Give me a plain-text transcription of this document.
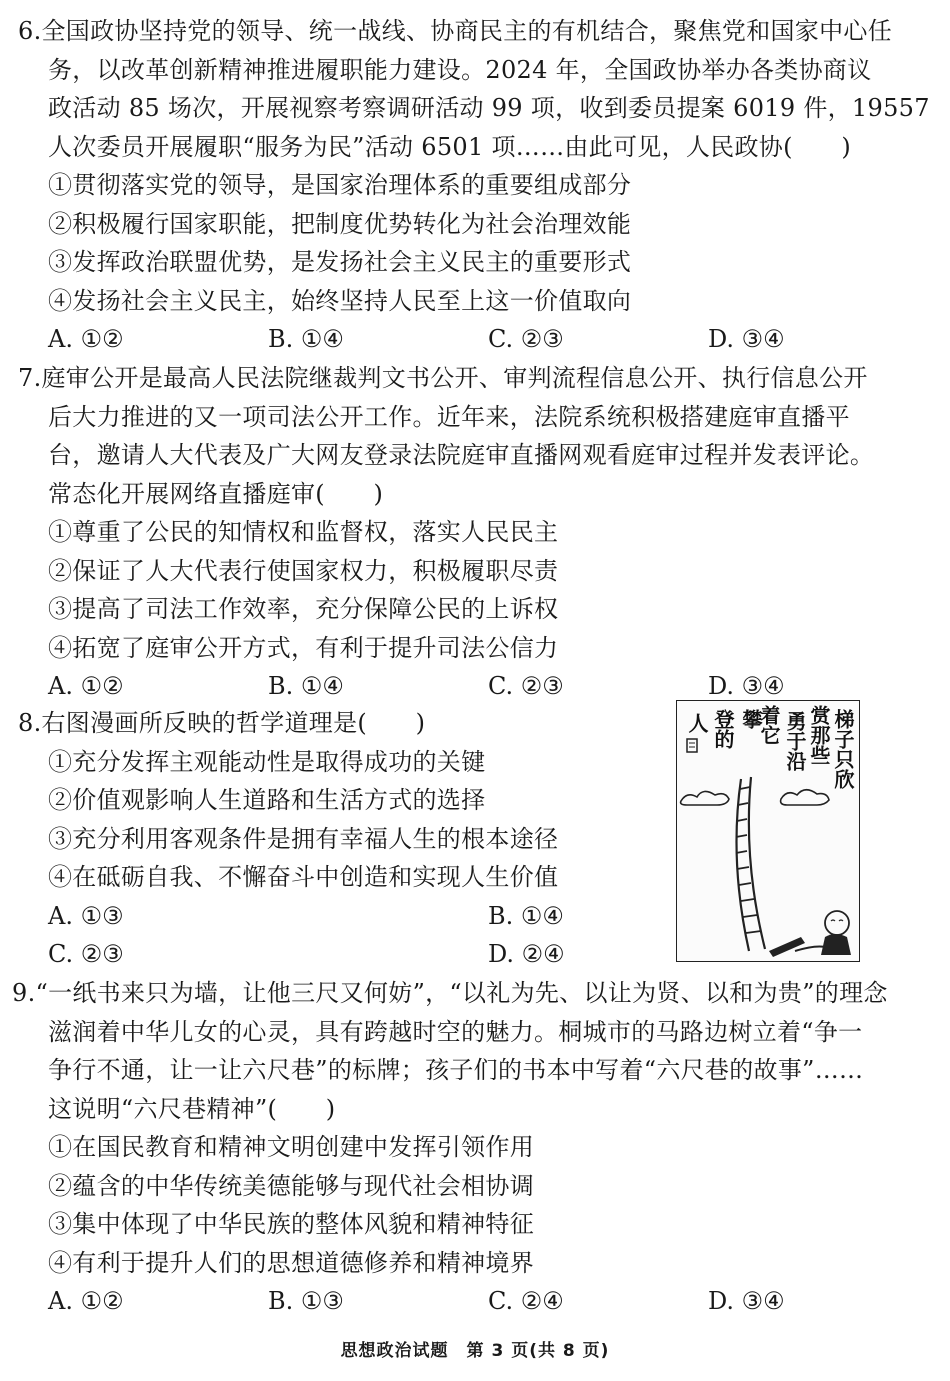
6.全国政协坚持党的领导、统一战线、协商民主的有机结合，聚焦党和国家中心任
务，以改革创新精神推进履职能力建设。2024 年，全国政协举办各类协商议
政活动 85 场次，开展视察考察调研活动 99 项，收到委员提案 6019 件，19557
人次委员开展履职“服务为民”活动 6501 项……由此可见，人民政协(　　)
①贯彻落实党的领导，是国家治理体系的重要组成部分
②积极履行国家职能，把制度优势转化为社会治理效能
③发挥政治联盟优势，是发扬社会主义民主的重要形式
④发扬社会主义民主，始终坚持人民至上这一价值取向
A. ①②	B. ①④	C. ②③	D. ③④
7.庭审公开是最高人民法院继裁判文书公开、审判流程信息公开、执行信息公开
后大力推进的又一项司法公开工作。近年来，法院系统积极搭建庭审直播平
台，邀请人大代表及广大网友登录法院庭审直播网观看庭审过程并发表评论。
常态化开展网络直播庭审(　　)
①尊重了公民的知情权和监督权，落实人民民主
②保证了人大代表行使国家权力，积极履职尽责
③提高了司法工作效率，充分保障公民的上诉权
④拓宽了庭审公开方式，有利于提升司法公信力
A. ①②	B. ①④	C. ②③	D. ③④
8.右图漫画所反映的哲学道理是(　　)
①充分发挥主观能动性是取得成功的关键
②价值观影响人生道路和生活方式的选择
③充分利用客观条件是拥有幸福人生的根本途径
④在砥砺自我、不懈奋斗中创造和实现人生价值
A. ①③	B. ①④
C. ②③	D. ②④
梯子只欣
赏那些
勇于沿
着它
攀
登的
人
9.“一纸书来只为墙，让他三尺又何妨”，“以礼为先、以让为贤、以和为贵”的理念
滋润着中华儿女的心灵，具有跨越时空的魅力。桐城市的马路边树立着“争一
争行不通，让一让六尺巷”的标牌；孩子们的书本中写着“六尺巷的故事”……
这说明“六尺巷精神”(　　)
①在国民教育和精神文明创建中发挥引领作用
②蕴含的中华传统美德能够与现代社会相协调
③集中体现了中华民族的整体风貌和精神特征
④有利于提升人们的思想道德修养和精神境界
A. ①②	B. ①③	C. ②④	D. ③④
思想政治试题　第 3 页(共 8 页)
